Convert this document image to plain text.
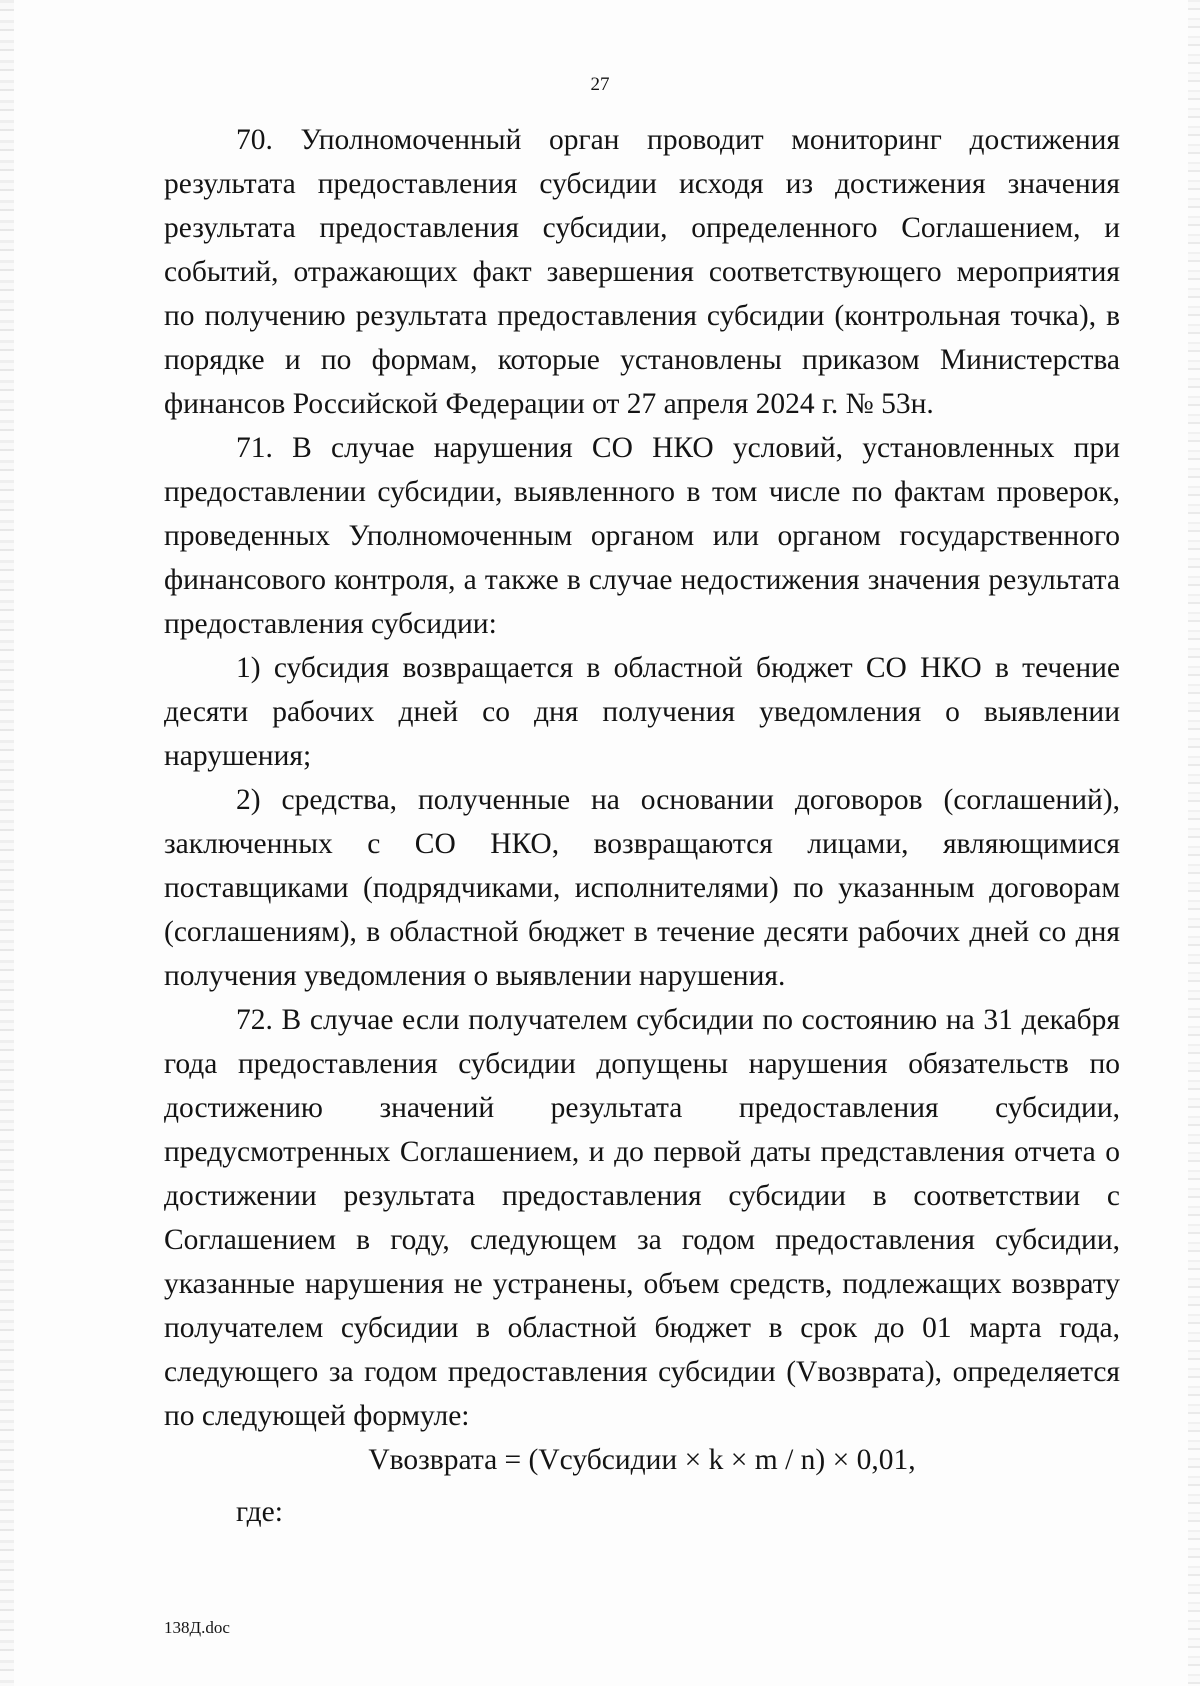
27

70. Уполномоченный орган проводит мониторинг достижения результата предоставления субсидии исходя из достижения значения результата предоставления субсидии, определенного Соглашением, и событий, отражающих факт завершения соответствующего мероприятия по получению результата предоставления субсидии (контрольная точка), в порядке и по формам, которые установлены приказом Министерства финансов Российской Федерации от 27 апреля 2024 г. № 53н.

71. В случае нарушения СО НКО условий, установленных при предоставлении субсидии, выявленного в том числе по фактам проверок, проведенных Уполномоченным органом или органом государственного финансового контроля, а также в случае недостижения значения результата предоставления субсидии:

1) субсидия возвращается в областной бюджет СО НКО в течение десяти рабочих дней со дня получения уведомления о выявлении нарушения;

2) средства, полученные на основании договоров (соглашений), заключенных с СО НКО, возвращаются лицами, являющимися поставщиками (подрядчиками, исполнителями) по указанным договорам (соглашениям), в областной бюджет в течение десяти рабочих дней со дня получения уведомления о выявлении нарушения.

72. В случае если получателем субсидии по состоянию на 31 декабря года предоставления субсидии допущены нарушения обязательств по достижению значений результата предоставления субсидии, предусмотренных Соглашением, и до первой даты представления отчета о достижении результата предоставления субсидии в соответствии с Соглашением в году, следующем за годом предоставления субсидии, указанные нарушения не устранены, объем средств, подлежащих возврату получателем субсидии в областной бюджет в срок до 01 марта года, следующего за годом предоставления субсидии (Vвозврата), определяется по следующей формуле:

Vвозврата = (Vсубсидии × k × m / n) × 0,01,

где:

138Д.doc
